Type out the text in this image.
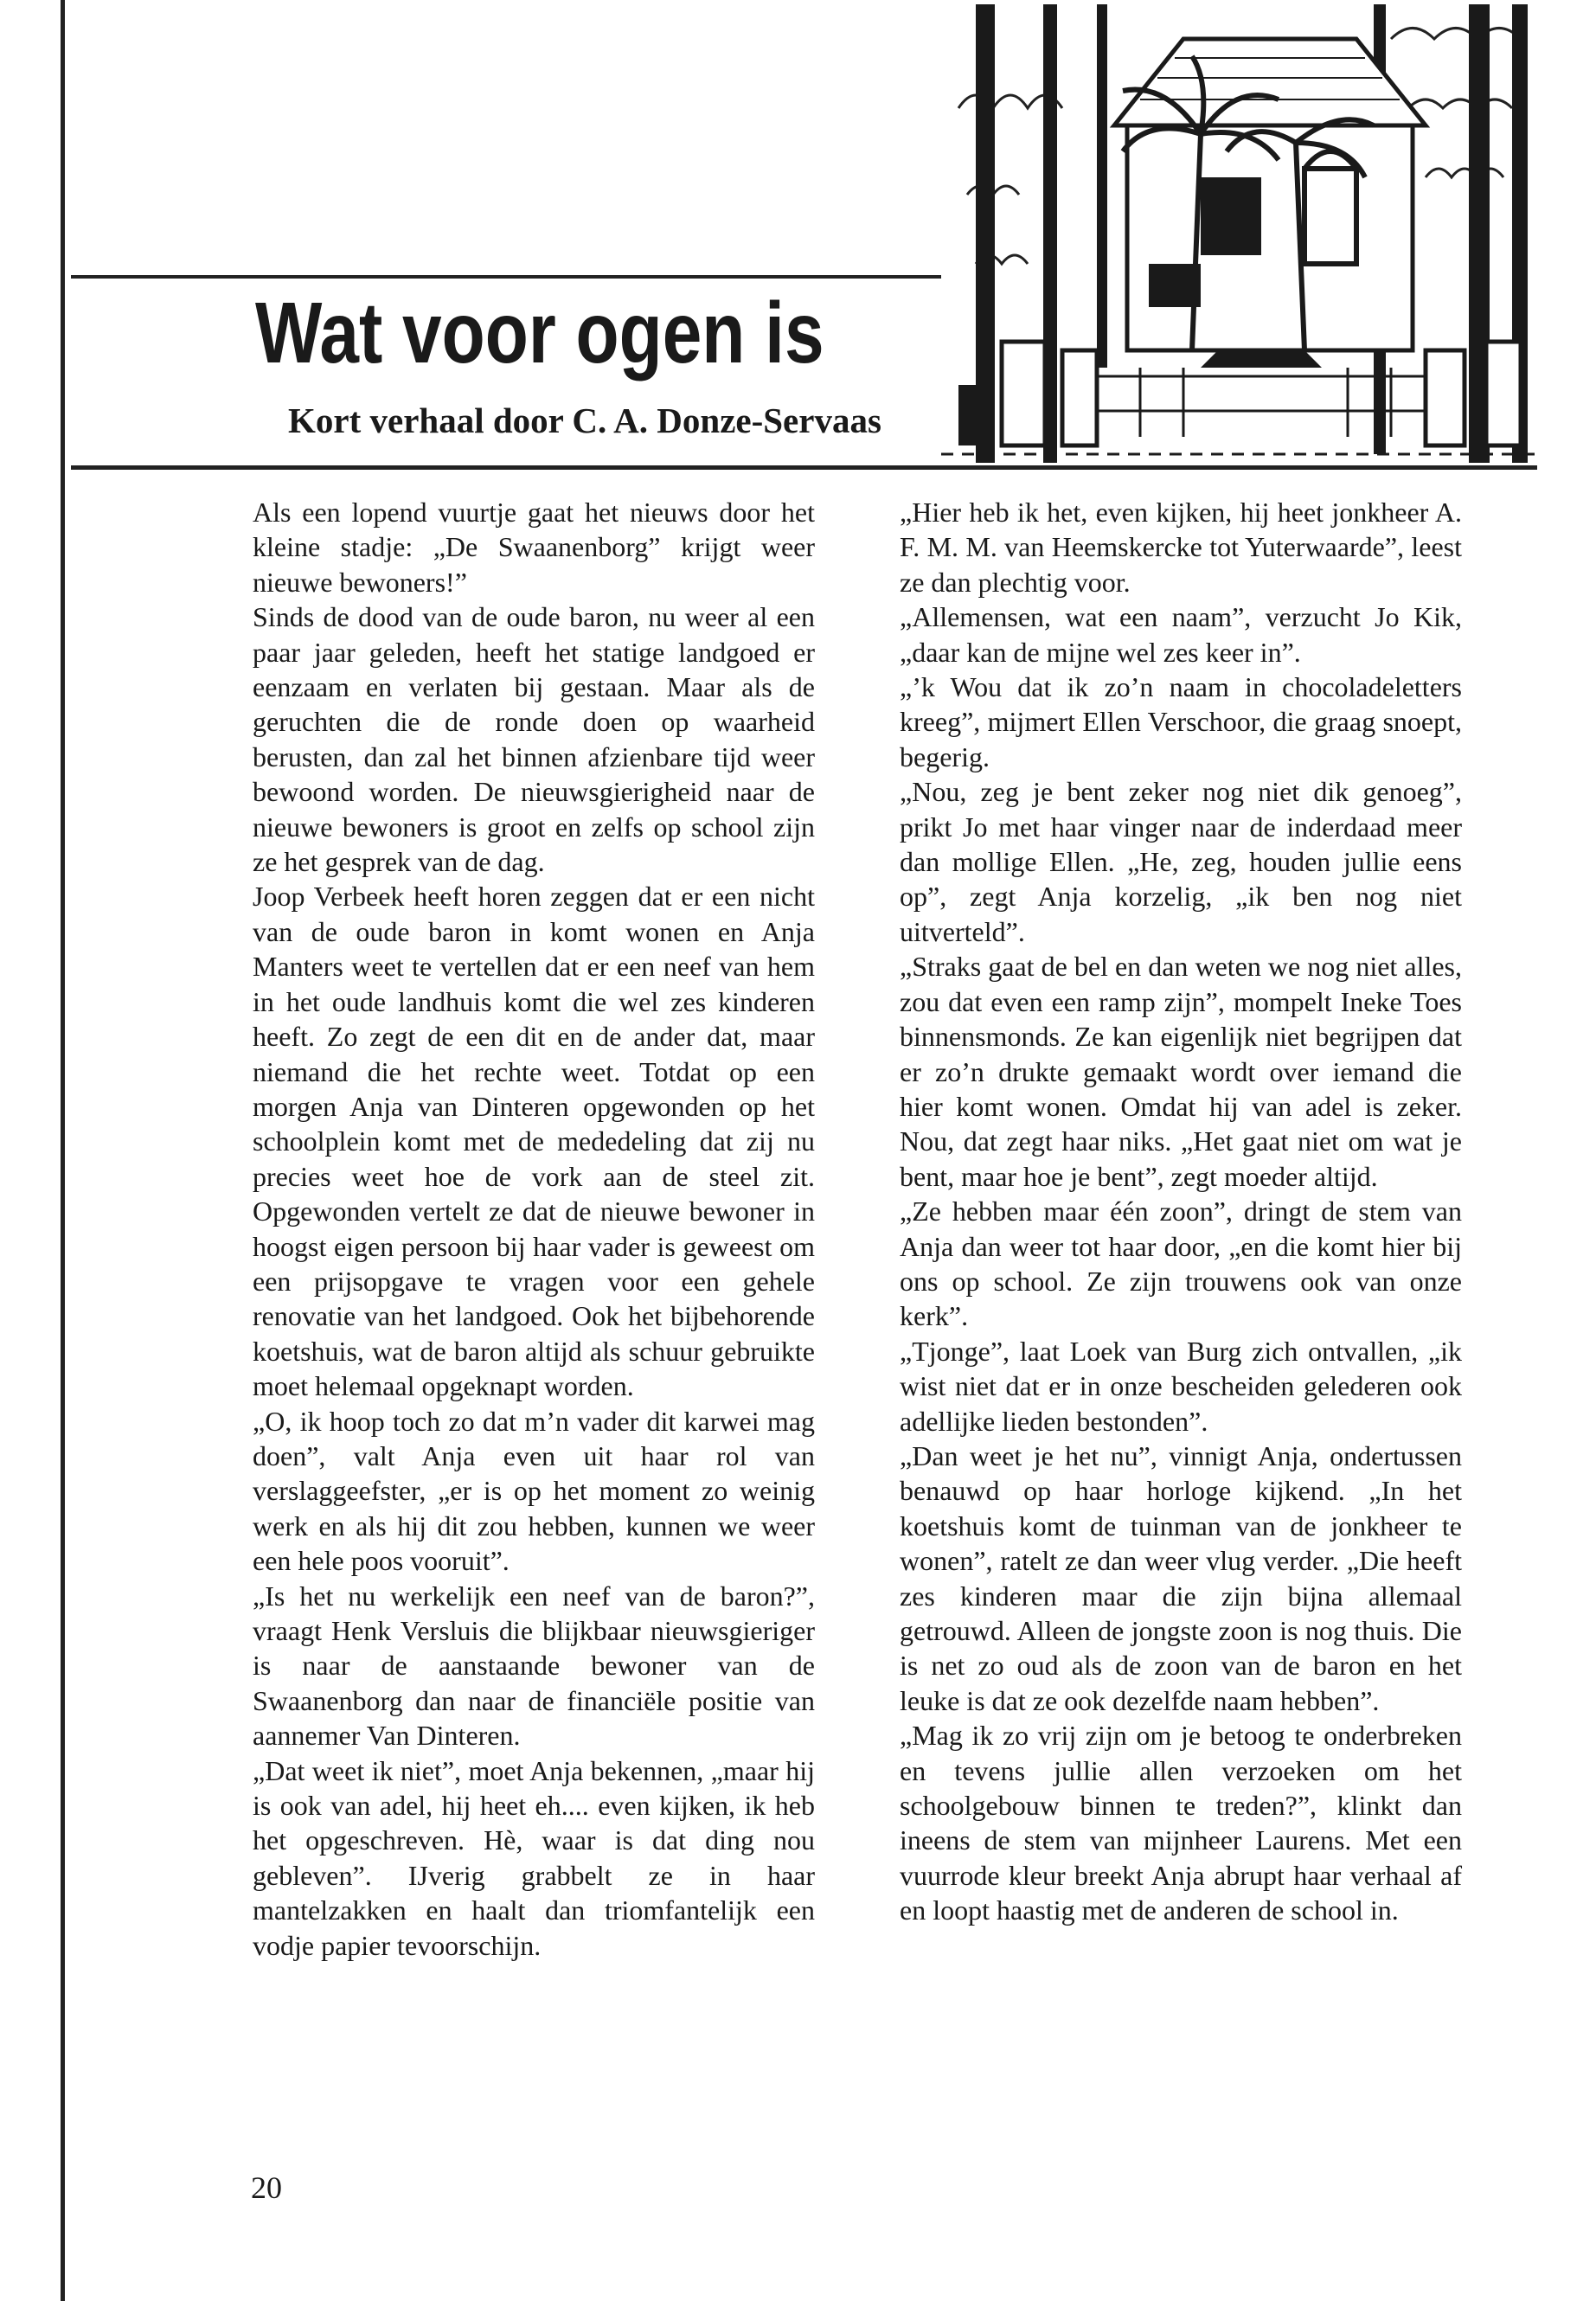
Wat voor ogen is
Kort verhaal door C. A. Donze-Servaas

Als een lopend vuurtje gaat het nieuws door het kleine stadje: „De Swaanenborg” krijgt weer nieuwe bewoners!”

Sinds de dood van de oude baron, nu weer al een paar jaar geleden, heeft het statige landgoed er eenzaam en verlaten bij gestaan. Maar als de geruchten die de ronde doen op waarheid berusten, dan zal het binnen afzienbare tijd weer bewoond worden. De nieuwsgierigheid naar de nieuwe bewoners is groot en zelfs op school zijn ze het gesprek van de dag.

Joop Verbeek heeft horen zeggen dat er een nicht van de oude baron in komt wonen en Anja Manters weet te vertellen dat er een neef van hem in het oude landhuis komt die wel zes kinderen heeft. Zo zegt de een dit en de ander dat, maar niemand die het rechte weet. Totdat op een morgen Anja van Dinteren opgewonden op het schoolplein komt met de mededeling dat zij nu precies weet hoe de vork aan de steel zit. Opgewonden vertelt ze dat de nieuwe bewoner in hoogst eigen persoon bij haar vader is geweest om een prijsopgave te vragen voor een gehele renovatie van het landgoed. Ook het bijbehorende koetshuis, wat de baron altijd als schuur gebruikte moet helemaal opgeknapt worden.

„O, ik hoop toch zo dat m’n vader dit karwei mag doen”, valt Anja even uit haar rol van verslaggeefster, „er is op het moment zo weinig werk en als hij dit zou hebben, kunnen we weer een hele poos vooruit”.

„Is het nu werkelijk een neef van de baron?”, vraagt Henk Versluis die blijkbaar nieuwsgieriger is naar de aanstaande bewoner van de Swaanenborg dan naar de financiële positie van aannemer Van Dinteren.

„Dat weet ik niet”, moet Anja bekennen, „maar hij is ook van adel, hij heet eh.... even kijken, ik heb het opgeschreven. Hè, waar is dat ding nou gebleven”. IJverig grabbelt ze in haar mantelzakken en haalt dan triomfantelijk een vodje papier tevoorschijn.

„Hier heb ik het, even kijken, hij heet jonkheer A. F. M. M. van Heemskercke tot Yuterwaarde”, leest ze dan plechtig voor.

„Allemensen, wat een naam”, verzucht Jo Kik, „daar kan de mijne wel zes keer in”.

„’k Wou dat ik zo’n naam in chocoladeletters kreeg”, mijmert Ellen Verschoor, die graag snoept, begerig.

„Nou, zeg je bent zeker nog niet dik genoeg”, prikt Jo met haar vinger naar de inderdaad meer dan mollige Ellen. „He, zeg, houden jullie eens op”, zegt Anja korzelig, „ik ben nog niet uitverteld”.

„Straks gaat de bel en dan weten we nog niet alles, zou dat even een ramp zijn”, mompelt Ineke Toes binnensmonds. Ze kan eigenlijk niet begrijpen dat er zo’n drukte gemaakt wordt over iemand die hier komt wonen. Omdat hij van adel is zeker. Nou, dat zegt haar niks. „Het gaat niet om wat je bent, maar hoe je bent”, zegt moeder altijd.

„Ze hebben maar één zoon”, dringt de stem van Anja dan weer tot haar door, „en die komt hier bij ons op school. Ze zijn trouwens ook van onze kerk”.

„Tjonge”, laat Loek van Burg zich ontvallen, „ik wist niet dat er in onze bescheiden gelederen ook adellijke lieden bestonden”.

„Dan weet je het nu”, vinnigt Anja, ondertussen benauwd op haar horloge kijkend. „In het koetshuis komt de tuinman van de jonkheer te wonen”, ratelt ze dan weer vlug verder. „Die heeft zes kinderen maar die zijn bijna allemaal getrouwd. Alleen de jongste zoon is nog thuis. Die is net zo oud als de zoon van de baron en het leuke is dat ze ook dezelfde naam hebben”.

„Mag ik zo vrij zijn om je betoog te onderbreken en tevens jullie allen verzoeken om het schoolgebouw binnen te treden?”, klinkt dan ineens de stem van mijnheer Laurens. Met een vuurrode kleur breekt Anja abrupt haar verhaal af en loopt haastig met de anderen de school in.

20
